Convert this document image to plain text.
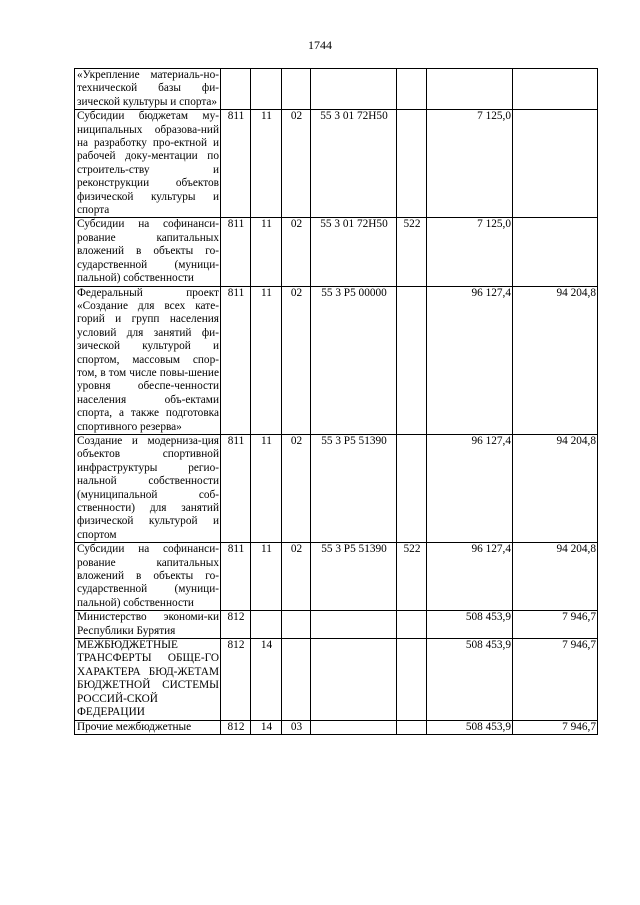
1744
«Укрепление материаль-но-технической базы фи-зической культуры и спорта»							
Субсидии бюджетам му-ниципальных образова-ний на разработку про-ектной и рабочей доку-ментации по строитель-ству и реконструкции объектов физической культуры и спорта	811	11	02	55 3 01 72Н50		7 125,0	
Субсидии на софинанси-рование капитальных вложений в объекты го-сударственной (муници-пальной) собственности	811	11	02	55 3 01 72Н50	522	7 125,0	
Федеральный проект «Создание для всех кате-горий и групп населения условий для занятий фи-зической культурой и спортом, массовым спор-том, в том числе повы-шение уровня обеспе-ченности населения объ-ектами спорта, а также подготовка спортивного резерва»	811	11	02	55 3 Р5 00000		96 127,4	94 204,8
Создание и модерниза-ция объектов спортивной инфраструктуры регио-нальной собственности (муниципальной соб-ственности) для занятий физической культурой и спортом	811	11	02	55 3 Р5 51390		96 127,4	94 204,8
Субсидии на софинанси-рование капитальных вложений в объекты го-сударственной (муници-пальной) собственности	811	11	02	55 3 Р5 51390	522	96 127,4	94 204,8
Министерство экономи-ки Республики Бурятия	812					508 453,9	7 946,7
МЕЖБЮДЖЕТНЫЕ ТРАНСФЕРТЫ ОБЩЕ-ГО ХАРАКТЕРА БЮД-ЖЕТАМ БЮДЖЕТНОЙ СИСТЕМЫ РОССИЙ-СКОЙ ФЕДЕРАЦИИ	812	14				508 453,9	7 946,7
Прочие межбюджетные	812	14	03			508 453,9	7 946,7
